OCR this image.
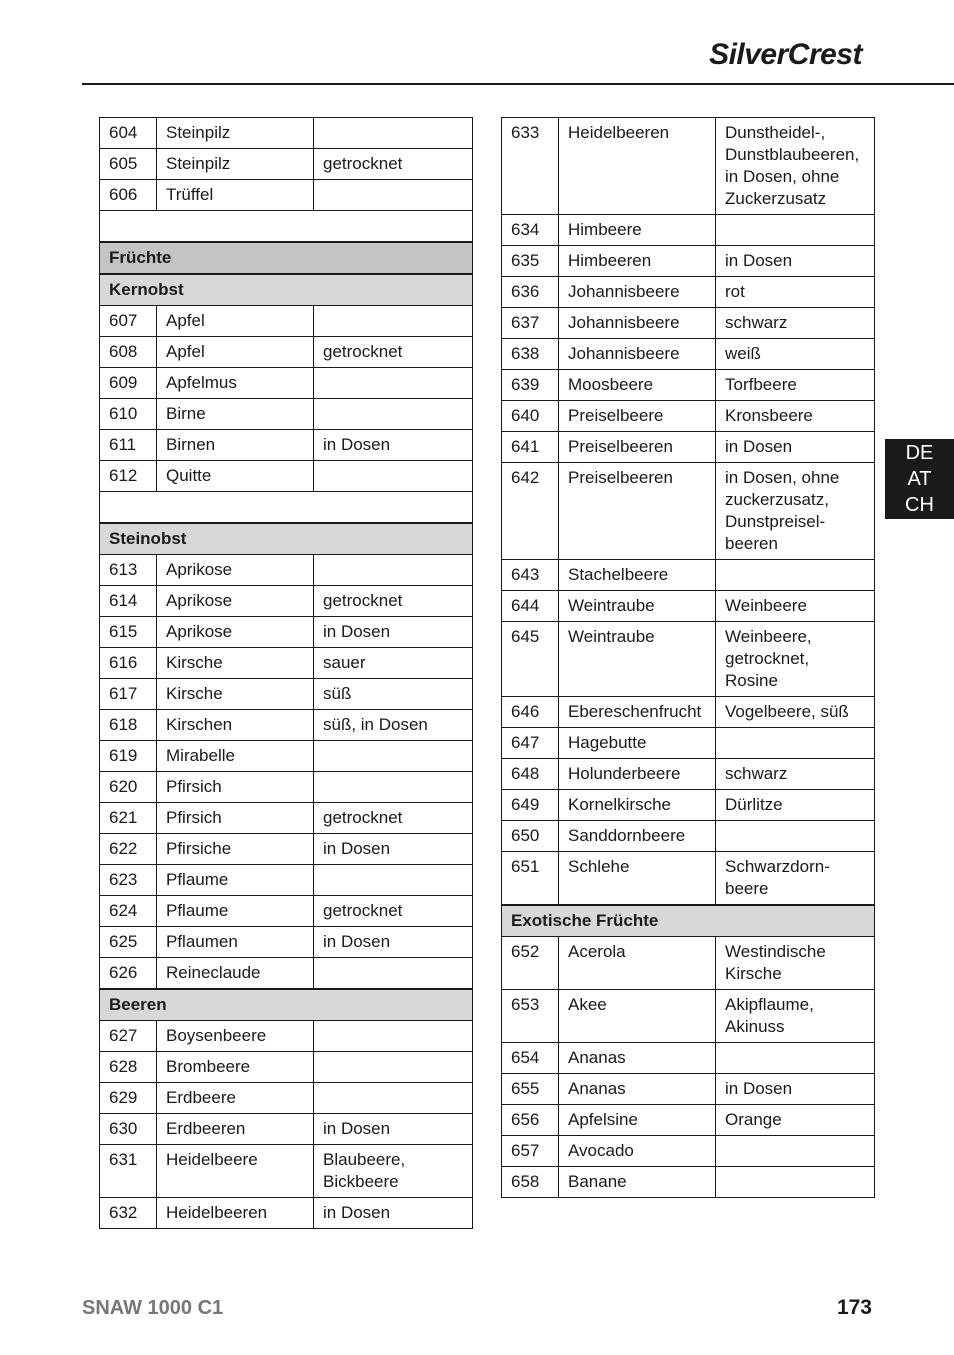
SilverCrest
DE
AT
CH
604	Steinpilz	
605	Steinpilz	getrocknet
606	Trüffel	

Früchte		
Kernobst		
607	Apfel	
608	Apfel	getrocknet
609	Apfelmus	
610	Birne	
611	Birnen	in Dosen
612	Quitte	

Steinobst		
613	Aprikose	
614	Aprikose	getrocknet
615	Aprikose	in Dosen
616	Kirsche	sauer
617	Kirsche	süß
618	Kirschen	süß, in Dosen
619	Mirabelle	
620	Pfirsich	
621	Pfirsich	getrocknet
622	Pfirsiche	in Dosen
623	Pflaume	
624	Pflaume	getrocknet
625	Pflaumen	in Dosen
626	Reineclaude	
Beeren		
627	Boysenbeere	
628	Brombeere	
629	Erdbeere	
630	Erdbeeren	in Dosen
631	Heidelbeere	Blaubeere,
Bickbeere
632	Heidelbeeren	in Dosen
633	Heidelbeeren	Dunstheidel-,
Dunstblaubeeren,
in Dosen, ohne
Zuckerzusatz
634	Himbeere	
635	Himbeeren	in Dosen
636	Johannisbeere	rot
637	Johannisbeere	schwarz
638	Johannisbeere	weiß
639	Moosbeere	Torfbeere
640	Preiselbeere	Kronsbeere
641	Preiselbeeren	in Dosen
642	Preiselbeeren	in Dosen, ohne
zuckerzusatz,
Dunstpreisel-
beeren
643	Stachelbeere	
644	Weintraube	Weinbeere
645	Weintraube	Weinbeere,
getrocknet,
Rosine
646	Ebereschenfrucht	Vogelbeere, süß
647	Hagebutte	
648	Holunderbeere	schwarz
649	Kornelkirsche	Dürlitze
650	Sanddornbeere	
651	Schlehe	Schwarzdorn-
beere
Exotische Früchte		
652	Acerola	Westindische
Kirsche
653	Akee	Akipflaume,
Akinuss
654	Ananas	
655	Ananas	in Dosen
656	Apfelsine	Orange
657	Avocado	
658	Banane	
SNAW 1000 C1	173
